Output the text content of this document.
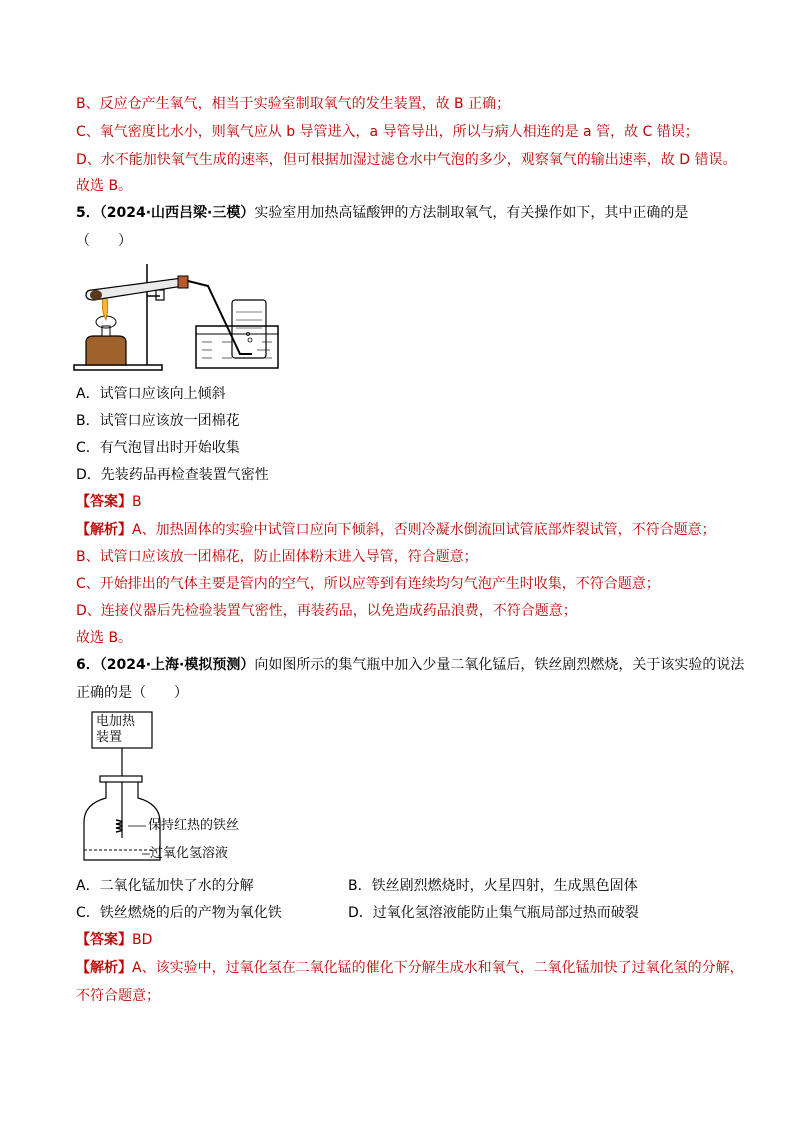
B、反应仓产生氧气，相当于实验室制取氧气的发生装置，故 B 正确；
C、氧气密度比水小，则氧气应从 b 导管进入，a 导管导出，所以与病人相连的是 a 管，故 C 错误；
D、水不能加快氧气生成的速率，但可根据加湿过滤仓水中气泡的多少，观察氧气的输出速率，故 D 错误。
故选 B。
5．（2024·山西吕梁·三模）实验室用加热高锰酸钾的方法制取氧气，有关操作如下，其中正确的是
（　　）
A．试管口应该向上倾斜
B．试管口应该放一团棉花
C．有气泡冒出时开始收集
D．先装药品再检查装置气密性
【答案】B
【解析】A、加热固体的实验中试管口应向下倾斜，否则冷凝水倒流回试管底部炸裂试管，不符合题意；
B、试管口应该放一团棉花，防止固体粉末进入导管，符合题意；
C、开始排出的气体主要是管内的空气，所以应等到有连续均匀气泡产生时收集，不符合题意；
D、连接仪器后先检验装置气密性，再装药品，以免造成药品浪费，不符合题意；
故选 B。
6．（2024·上海·模拟预测）向如图所示的集气瓶中加入少量二氧化锰后，铁丝剧烈燃烧，关于该实验的说法
正确的是（　　）
电加热
装置
保持红热的铁丝
过氧化氢溶液
A．二氧化锰加快了水的分解	B．铁丝剧烈燃烧时，火星四射，生成黑色固体
C．铁丝燃烧的后的产物为氧化铁	D．过氧化氢溶液能防止集气瓶局部过热而破裂
【答案】BD
【解析】A、该实验中，过氧化氢在二氧化锰的催化下分解生成水和氧气，二氧化锰加快了过氧化氢的分解，
不符合题意；
